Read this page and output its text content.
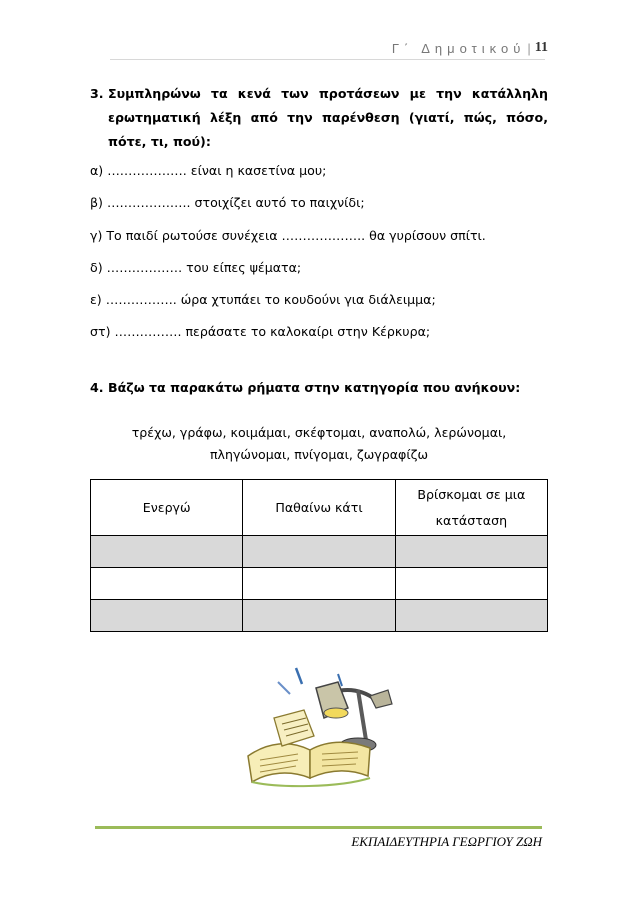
Γ΄ Δημοτικού | 11
3. Συμπληρώνω τα κενά των προτάσεων με την κατάλληλη ερωτηματική λέξη από την παρένθεση (γιατί, πώς, πόσο, πότε, τι, πού):
α) ………………. είναι η κασετίνα μου;
β) ……………….. στοιχίζει αυτό το παιχνίδι;
γ) Το παιδί ρωτούσε συνέχεια ……………….. θα γυρίσουν σπίτι.
δ) ……………… του είπες ψέματα;
ε) …………….. ώρα χτυπάει το κουδούνι για διάλειμμα;
στ) ……………. περάσατε το καλοκαίρι στην Κέρκυρα;
4. Βάζω τα παρακάτω ρήματα στην κατηγορία που ανήκουν:
τρέχω, γράφω, κοιμάμαι, σκέφτομαι, αναπολώ, λερώνομαι,
πληγώνομαι, πνίγομαι, ζωγραφίζω
Ενεργώ	Παθαίνω κάτι	Βρίσκομαι σε μια κατάσταση

ΕΚΠΑΙΔΕΥΤΗΡΙΑ ΓΕΩΡΓΙΟΥ ΖΩΗ
